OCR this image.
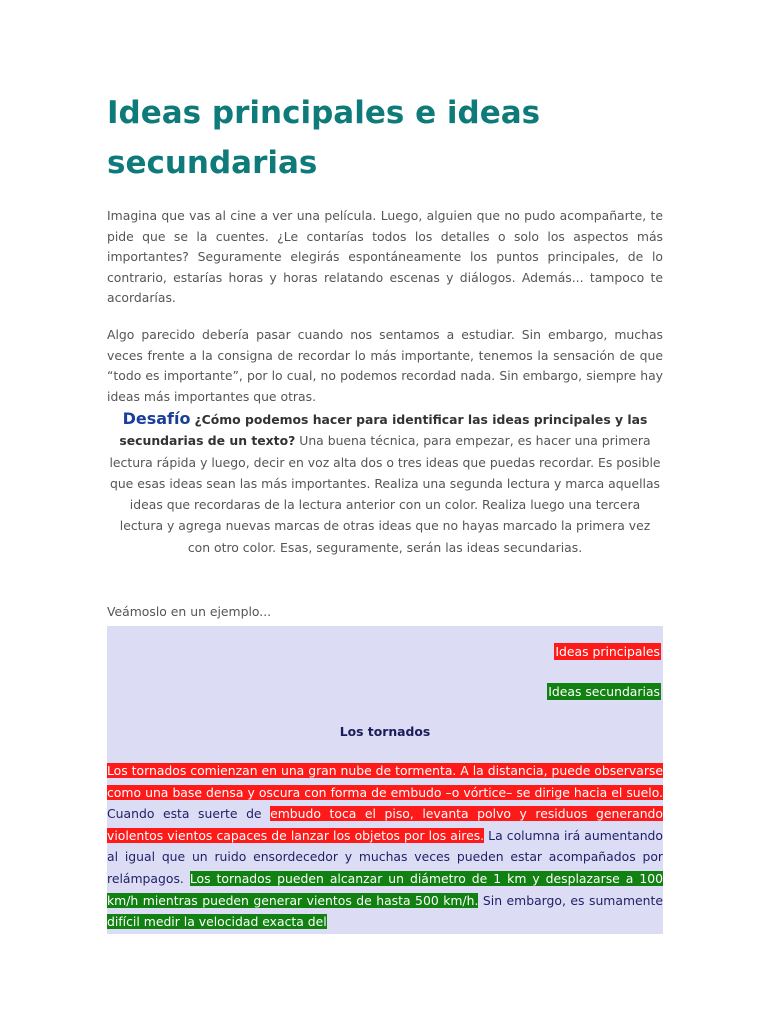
Ideas principales e ideas secundarias

Imagina que vas al cine a ver una película. Luego, alguien que no pudo acompañarte, te pide que se la cuentes. ¿Le contarías todos los detalles o solo los aspectos más importantes? Seguramente elegirás espontáneamente los puntos principales, de lo contrario, estarías horas y horas relatando escenas y diálogos. Además... tampoco te acordarías.

Algo parecido debería pasar cuando nos sentamos a estudiar. Sin embargo, muchas veces frente a la consigna de recordar lo más importante, tenemos la sensación de que “todo es importante”, por lo cual, no podemos recordad nada. Sin embargo, siempre hay ideas más importantes que otras.

Desafío ¿Cómo podemos hacer para identificar las ideas principales y las secundarias de un texto? Una buena técnica, para empezar, es hacer una primera lectura rápida y luego, decir en voz alta dos o tres ideas que puedas recordar. Es posible que esas ideas sean las más importantes. Realiza una segunda lectura y marca aquellas ideas que recordaras de la lectura anterior con un color. Realiza luego una tercera lectura y agrega nuevas marcas de otras ideas que no hayas marcado la primera vez con otro color. Esas, seguramente, serán las ideas secundarias.
Veámoslo en un ejemplo...
Ideas principales
Ideas secundarias
Los tornados

Los tornados comienzan en una gran nube de tormenta. A la distancia, puede observarse como una base densa y oscura con forma de embudo –o vórtice– se dirige hacia el suelo. Cuando esta suerte de embudo toca el piso, levanta polvo y residuos generando violentos vientos capaces de lanzar los objetos por los aires. La columna irá aumentando al igual que un ruido ensordecedor y muchas veces pueden estar acompañados por relámpagos. Los tornados pueden alcanzar un diámetro de 1 km y desplazarse a 100 km/h mientras pueden generar vientos de hasta 500 km/h. Sin embargo, es sumamente difícil medir la velocidad exacta del
